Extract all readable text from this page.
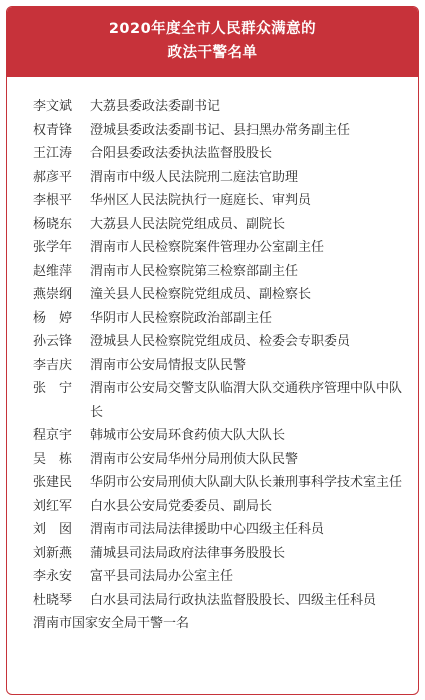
2020年度全市人民群众满意的
政法干警名单
李文斌	大荔县委政法委副书记
权青锋	澄城县委政法委副书记、县扫黑办常务副主任
王江涛	合阳县委政法委执法监督股股长
郝彦平	渭南市中级人民法院刑二庭法官助理
李根平	华州区人民法院执行一庭庭长、审判员
杨晓东	大荔县人民法院党组成员、副院长
张学年	渭南市人民检察院案件管理办公室副主任
赵维萍	渭南市人民检察院第三检察部副主任
燕崇纲	潼关县人民检察院党组成员、副检察长
杨　婷	华阴市人民检察院政治部副主任
孙云锋	澄城县人民检察院党组成员、检委会专职委员
李吉庆	渭南市公安局情报支队民警
张　宁	渭南市公安局交警支队临渭大队交通秩序管理中队中队长
程京宇	韩城市公安局环食药侦大队大队长
吴　栋	渭南市公安局华州分局刑侦大队民警
张建民	华阴市公安局刑侦大队副大队长兼刑事科学技术室主任
刘红军	白水县公安局党委委员、副局长
刘　囡	渭南市司法局法律援助中心四级主任科员
刘新燕	蒲城县司法局政府法律事务股股长
李永安	富平县司法局办公室主任
杜晓琴	白水县司法局行政执法监督股股长、四级主任科员
渭南市国家安全局干警一名
